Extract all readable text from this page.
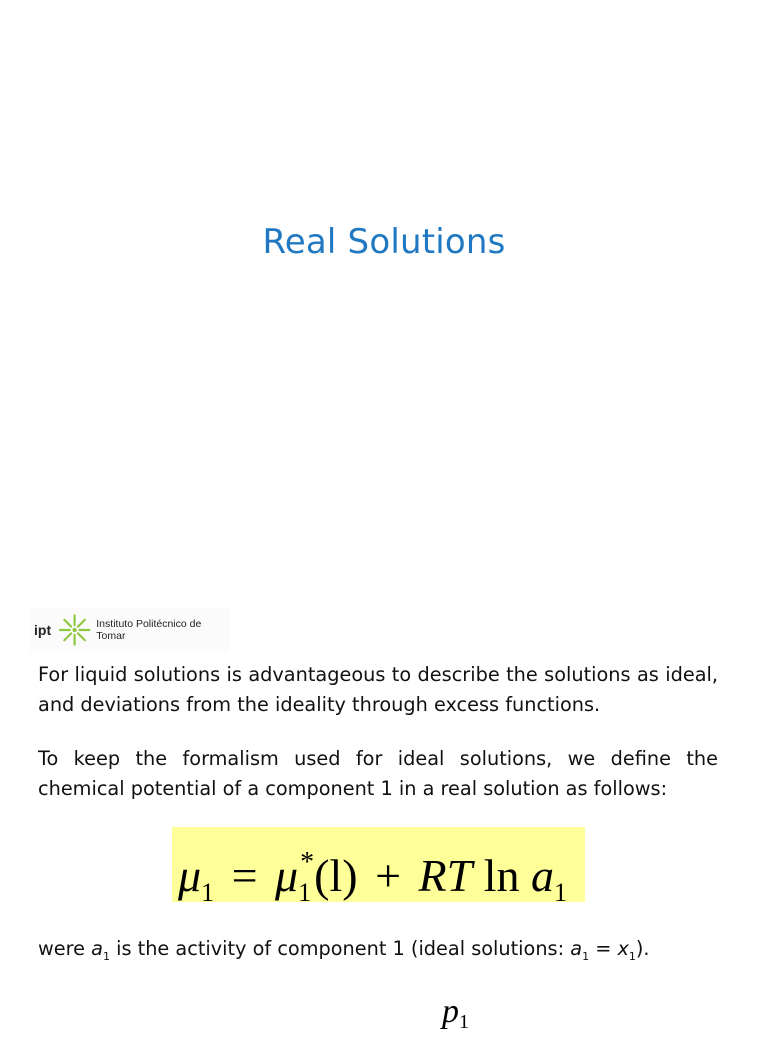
Real Solutions
ipt	Instituto Politécnico de Tomar
For liquid solutions is advantageous to describe the solutions as ideal, and deviations from the ideality through excess functions.
To keep the formalism used for ideal solutions, we define the chemical potential of a component 1 in a real solution as follows:
$\mu_1 = \mu_1^*(l)$ + RT $\ln a_1$
were $a_1$ is the activity of component 1 (ideal solutions: $a_1 = x_1$).
$p_1$
